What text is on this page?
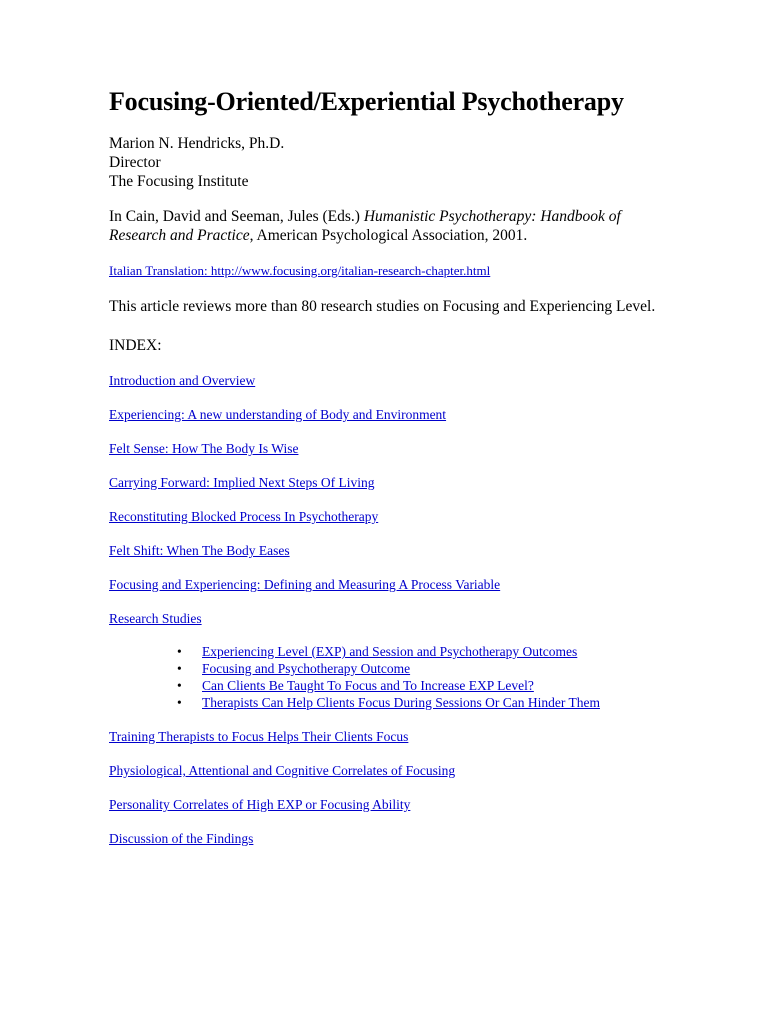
Focusing-Oriented/Experiential Psychotherapy
Marion N. Hendricks, Ph.D.
Director
The Focusing Institute

In Cain, David and Seeman, Jules (Eds.) Humanistic Psychotherapy: Handbook of Research and Practice, American Psychological Association, 2001.

Italian Translation: http://www.focusing.org/italian-research-chapter.html

This article reviews more than 80 research studies on Focusing and Experiencing Level.

INDEX:

Introduction and Overview
Experiencing: A new understanding of Body and Environment
Felt Sense: How The Body Is Wise
Carrying Forward: Implied Next Steps Of Living
Reconstituting Blocked Process In Psychotherapy
Felt Shift: When The Body Eases
Focusing and Experiencing: Defining and Measuring A Process Variable
Research Studies
• Experiencing Level (EXP) and Session and Psychotherapy Outcomes
• Focusing and Psychotherapy Outcome
• Can Clients Be Taught To Focus and To Increase EXP Level?
• Therapists Can Help Clients Focus During Sessions Or Can Hinder Them
Training Therapists to Focus Helps Their Clients Focus
Physiological, Attentional and Cognitive Correlates of Focusing
Personality Correlates of High EXP or Focusing Ability
Discussion of the Findings
